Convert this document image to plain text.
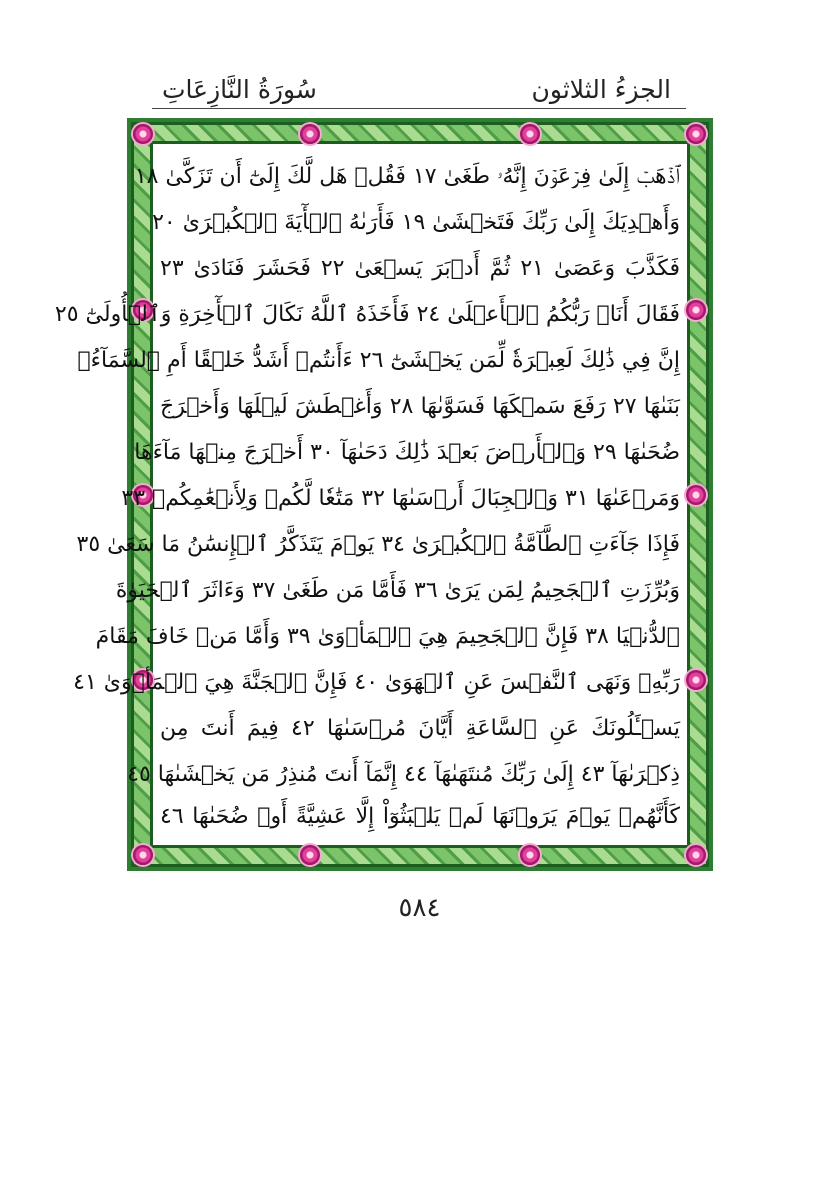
الجزءُ الثلاثون
سُورَةُ النَّازِعَاتِ
ٱذۡهَبۡ إِلَىٰ فِرۡعَوۡنَ إِنَّهُۥ طَغَىٰ ١٧ فَقُلۡ هَل لَّكَ إِلَىٰٓ أَن تَزَكَّىٰ ١٨
وَأَهۡدِيَكَ إِلَىٰ رَبِّكَ فَتَخۡشَىٰ ١٩ فَأَرَىٰهُ ٱلۡأٓيَةَ ٱلۡكُبۡرَىٰ ٢٠
فَكَذَّبَ وَعَصَىٰ ٢١ ثُمَّ أَدۡبَرَ يَسۡعَىٰ ٢٢ فَحَشَرَ فَنَادَىٰ ٢٣
فَقَالَ أَنَا۠ رَبُّكُمُ ٱلۡأَعۡلَىٰ ٢٤ فَأَخَذَهُ ٱللَّهُ نَكَالَ ٱلۡأٓخِرَةِ وَٱلۡأُولَىٰٓ ٢٥
إِنَّ فِي ذَٰلِكَ لَعِبۡرَةٗ لِّمَن يَخۡشَىٰٓ ٢٦ ءَأَنتُمۡ أَشَدُّ خَلۡقًا أَمِ ٱلسَّمَآءُۚ
بَنَىٰهَا ٢٧ رَفَعَ سَمۡكَهَا فَسَوَّىٰهَا ٢٨ وَأَغۡطَشَ لَيۡلَهَا وَأَخۡرَجَ
ضُحَىٰهَا ٢٩ وَٱلۡأَرۡضَ بَعۡدَ ذَٰلِكَ دَحَىٰهَآ ٣٠ أَخۡرَجَ مِنۡهَا مَآءَهَا
وَمَرۡعَىٰهَا ٣١ وَٱلۡجِبَالَ أَرۡسَىٰهَا ٣٢ مَتَٰعٗا لَّكُمۡ وَلِأَنۡعَٰمِكُمۡ ٣٣
فَإِذَا جَآءَتِ ٱلطَّآمَّةُ ٱلۡكُبۡرَىٰ ٣٤ يَوۡمَ يَتَذَكَّرُ ٱلۡإِنسَٰنُ مَا سَعَىٰ ٣٥
وَبُرِّزَتِ ٱلۡجَحِيمُ لِمَن يَرَىٰ ٣٦ فَأَمَّا مَن طَغَىٰ ٣٧ وَءَاثَرَ ٱلۡحَيَوٰةَ
ٱلدُّنۡيَا ٣٨ فَإِنَّ ٱلۡجَحِيمَ هِيَ ٱلۡمَأۡوَىٰ ٣٩ وَأَمَّا مَنۡ خَافَ مَقَامَ
رَبِّهِۦ وَنَهَى ٱلنَّفۡسَ عَنِ ٱلۡهَوَىٰ ٤٠ فَإِنَّ ٱلۡجَنَّةَ هِيَ ٱلۡمَأۡوَىٰ ٤١
يَسۡـَٔلُونَكَ عَنِ ٱلسَّاعَةِ أَيَّانَ مُرۡسَىٰهَا ٤٢ فِيمَ أَنتَ مِن
ذِكۡرَىٰهَآ ٤٣ إِلَىٰ رَبِّكَ مُنتَهَىٰهَآ ٤٤ إِنَّمَآ أَنتَ مُنذِرُ مَن يَخۡشَىٰهَا ٤٥
كَأَنَّهُمۡ يَوۡمَ يَرَوۡنَهَا لَمۡ يَلۡبَثُوٓاْ إِلَّا عَشِيَّةً أَوۡ ضُحَىٰهَا ٤٦
٥٨٤
